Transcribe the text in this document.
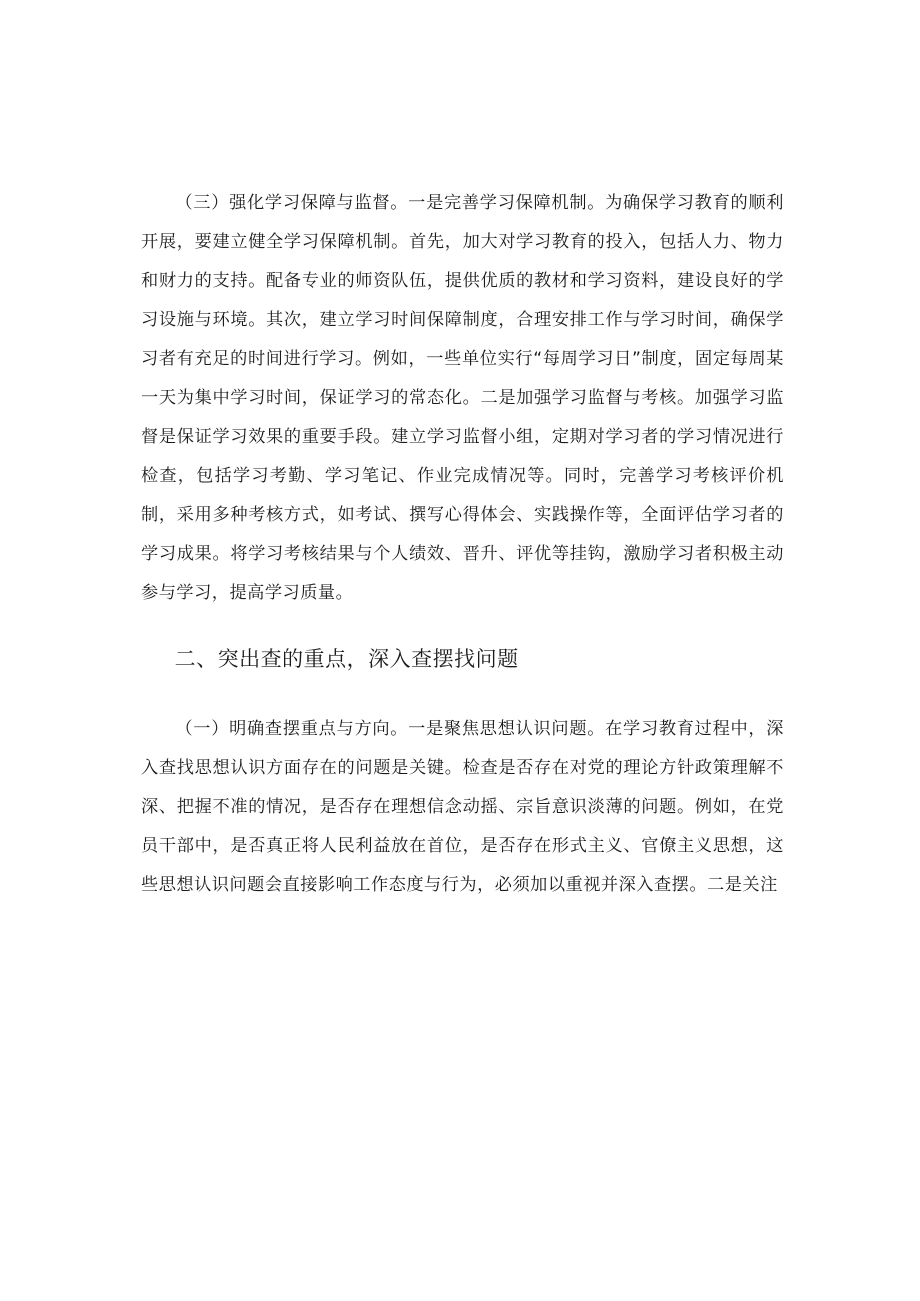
（三）强化学习保障与监督。一是完善学习保障机制。为确保学习教育的顺利开展，要建立健全学习保障机制。首先，加大对学习教育的投入，包括人力、物力和财力的支持。配备专业的师资队伍，提供优质的教材和学习资料，建设良好的学习设施与环境。其次，建立学习时间保障制度，合理安排工作与学习时间，确保学习者有充足的时间进行学习。例如，一些单位实行“每周学习日”制度，固定每周某一天为集中学习时间，保证学习的常态化。二是加强学习监督与考核。加强学习监督是保证学习效果的重要手段。建立学习监督小组，定期对学习者的学习情况进行检查，包括学习考勤、学习笔记、作业完成情况等。同时，完善学习考核评价机制，采用多种考核方式，如考试、撰写心得体会、实践操作等，全面评估学习者的学习成果。将学习考核结果与个人绩效、晋升、评优等挂钩，激励学习者积极主动参与学习，提高学习质量。

二、突出查的重点，深入查摆找问题

（一）明确查摆重点与方向。一是聚焦思想认识问题。在学习教育过程中，深入查找思想认识方面存在的问题是关键。检查是否存在对党的理论方针政策理解不深、把握不准的情况，是否存在理想信念动摇、宗旨意识淡薄的问题。例如，在党员干部中，是否真正将人民利益放在首位，是否存在形式主义、官僚主义思想，这些思想认识问题会直接影响工作态度与行为，必须加以重视并深入查摆。二是关注
